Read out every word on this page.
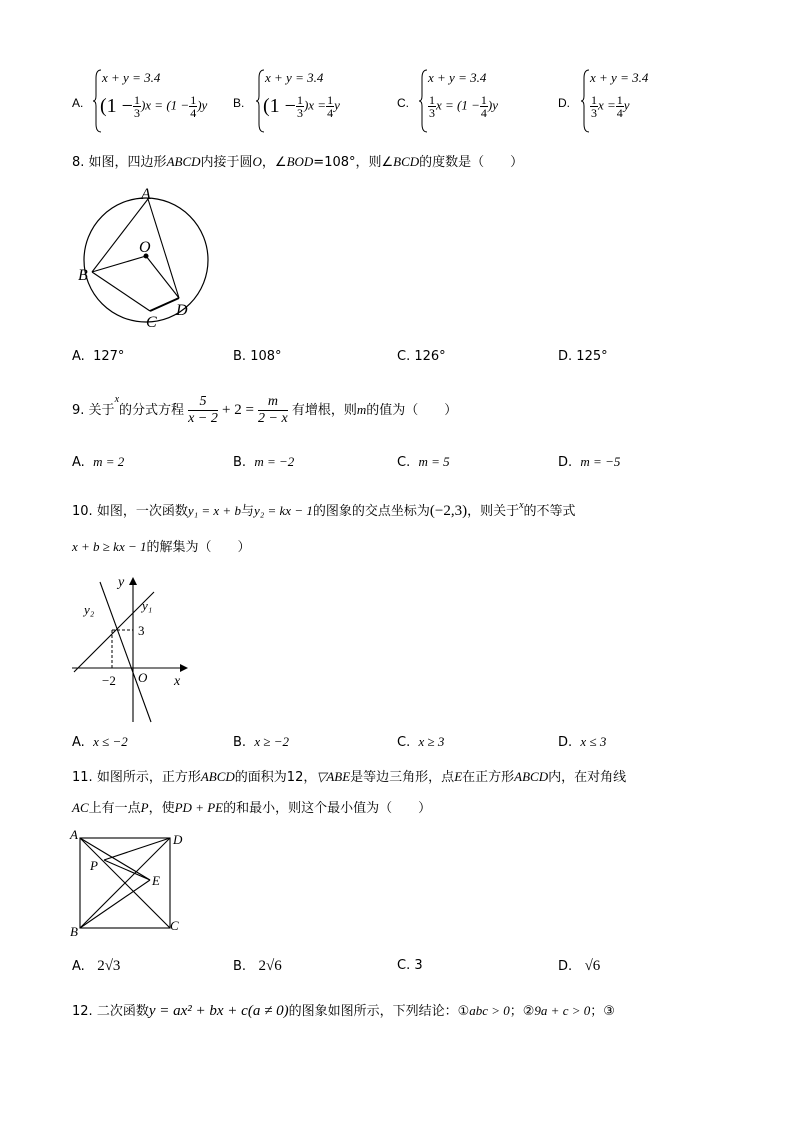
A.
x + y = 3.4
$(1 - \frac{1}{3} )x = (1 - \frac{1}{4} )y$ B.
x + y = 3.4
$(1 - \frac{1}{3} )x = \frac{1}{4}$ y	C.
x + y = 3.4
$\frac{1}{3}$ $x = (1 - \frac{1}{4} )y$	D.
x + y = 3.4
$\frac{1}{3}$ $x = \frac{1}{4}$ y
8. 如图，四边形ABCD内接于圆O，∠BOD=108°，则∠BCD的度数是（　　）
A
O
B
C
D
A. 127°	B. 108°	C. 126°	D. 125°
9. 关于$^x$的分式方程 $\frac{5}{x - 2} + 2 = \frac{m}{2 - x}$ 有增根，则m的值为（　　）
A. m = 2	B. m = −2	C. m = 5	D. m = −5
10. 如图，一次函数y₁ = x + b与y₂ = kx − 1的图象的交点坐标为(−2,3)，则关于$^x$的不等式
x + b ≥ kx − 1的解集为（　　）
y
x
O
y₁
y₂
3
−2
A. x ≤ −2	B. x ≥ −2	C. x ≥ 3	D. x ≤ 3
11. 如图所示，正方形ABCD的面积为12，▽ABE是等边三角形，点E在正方形ABCD内，在对角线
AC上有一点P，使PD + PE的和最小，则这个最小值为（　　）
A	D
P
E
B	C
A. 2√3	B. 2√6	C. 3	D. √6
12. 二次函数y = ax² + bx + c(a ≠ 0)的图象如图所示，下列结论：①abc > 0；②9a + c > 0；③
